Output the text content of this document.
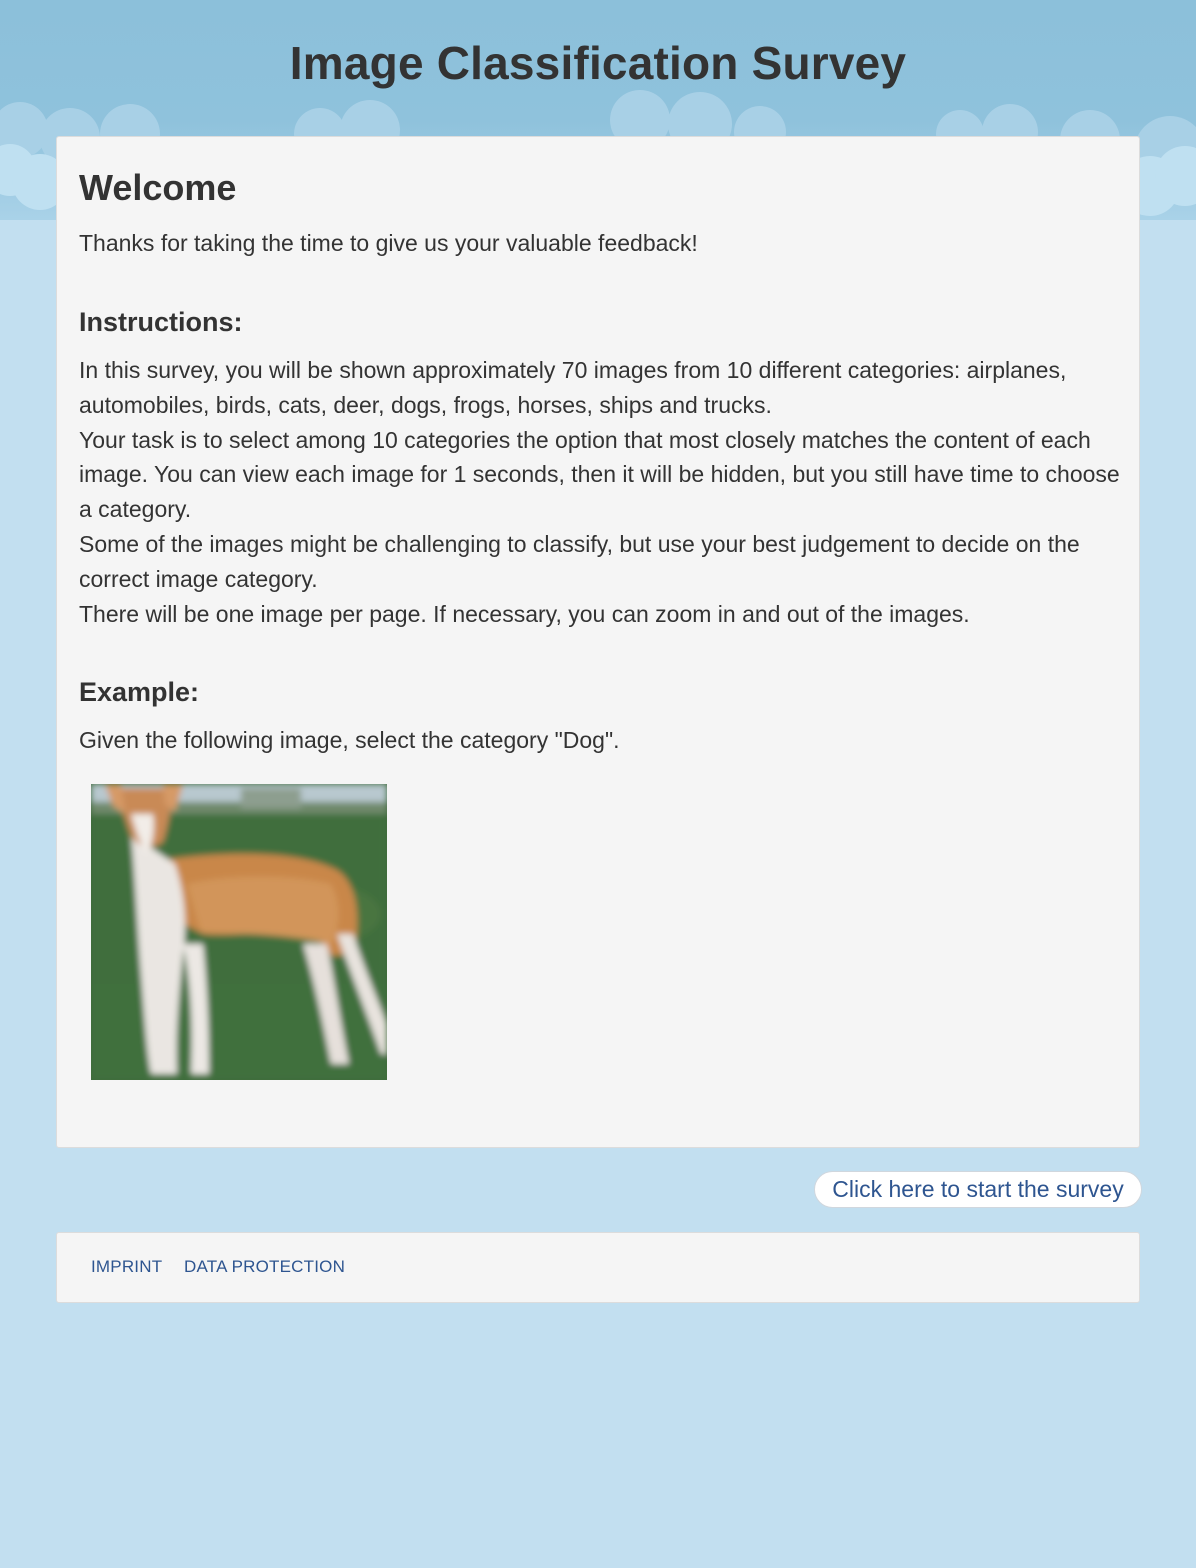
Image Classification Survey
Welcome

Thanks for taking the time to give us your valuable feedback!

Instructions:
In this survey, you will be shown approximately 70 images from 10 different categories: airplanes, automobiles, birds, cats, deer, dogs, frogs, horses, ships and trucks.
Your task is to select among 10 categories the option that most closely matches the content of each image. You can view each image for 1 seconds, then it will be hidden, but you still have time to choose a category.
Some of the images might be challenging to classify, but use your best judgement to decide on the correct image category.
There will be one image per page. If necessary, you can zoom in and out of the images.
Example:

Given the following image, select the category "Dog".

Click here to start the survey
IMPRINT DATA PROTECTION
